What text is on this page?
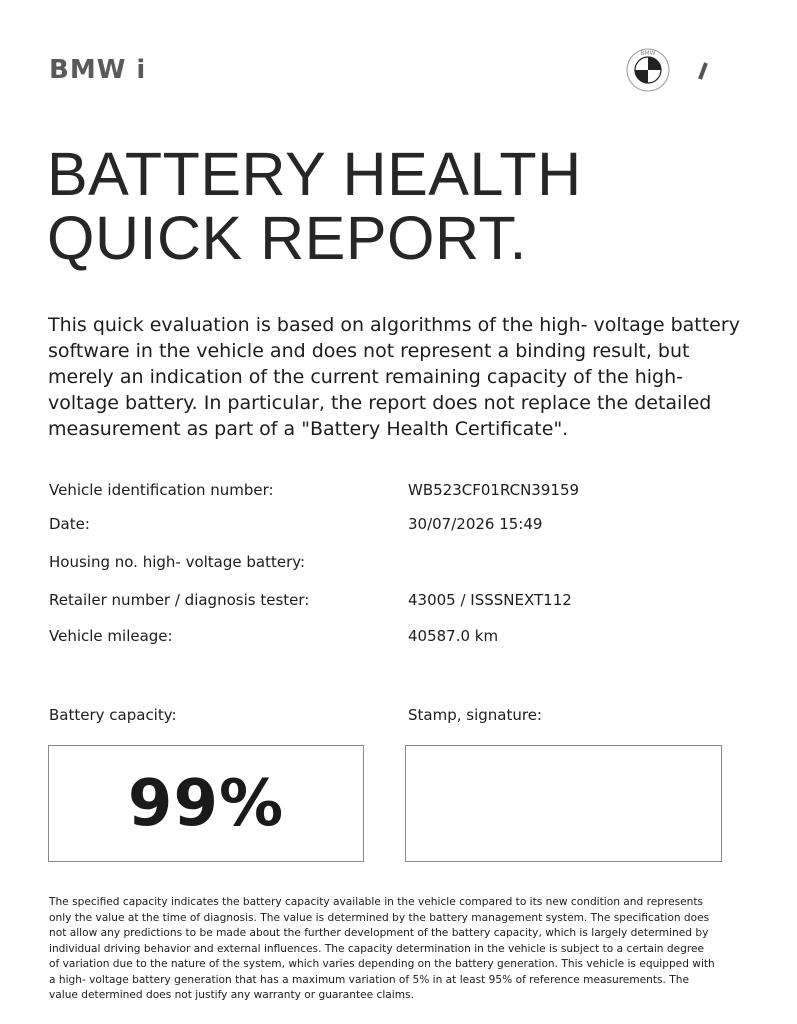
BMW i
BMW
BATTERY HEALTH
QUICK REPORT.

This quick evaluation is based on algorithms of the high- voltage battery software in the vehicle and does not represent a binding result, but merely an indication of the current remaining capacity of the high- voltage battery. In particular, the report does not replace the detailed measurement as part of a "Battery Health Certificate".

Vehicle identification number:	WB523CF01RCN39159
Date:	30/07/2026 15:49
Housing no. high- voltage battery:
Retailer number / diagnosis tester:	43005 / ISSSNEXT112
Vehicle mileage:	40587.0 km
Battery capacity:	Stamp, signature:
99%

The specified capacity indicates the battery capacity available in the vehicle compared to its new condition and represents only the value at the time of diagnosis. The value is determined by the battery management system. The specification does not allow any predictions to be made about the further development of the battery capacity, which is largely determined by individual driving behavior and external influences. The capacity determination in the vehicle is subject to a certain degree of variation due to the nature of the system, which varies depending on the battery generation. This vehicle is equipped with a high- voltage battery generation that has a maximum variation of 5% in at least 95% of reference measurements. The value determined does not justify any warranty or guarantee claims.
